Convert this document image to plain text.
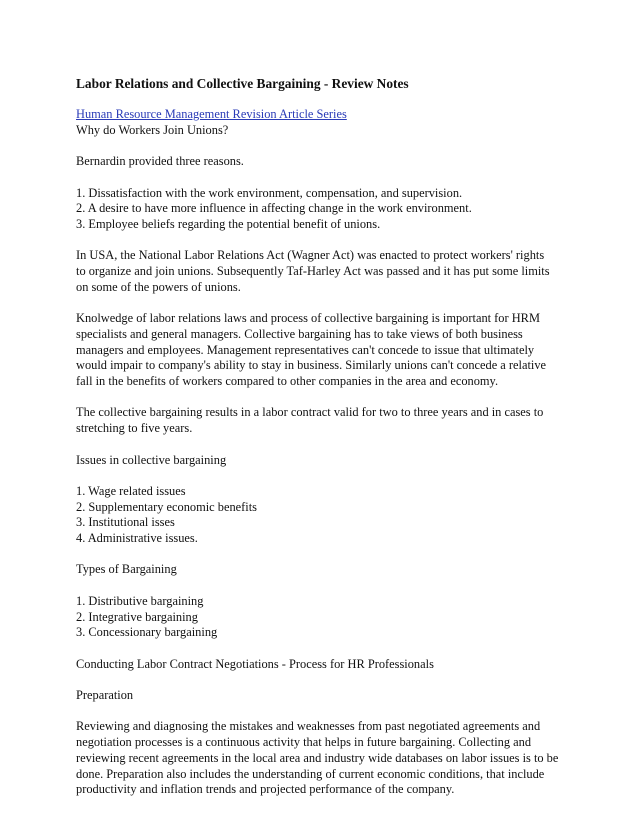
Labor Relations and Collective Bargaining - Review Notes

Human Resource Management Revision Article Series
Why do Workers Join Unions?

Bernardin provided three reasons.

1. Dissatisfaction with the work environment, compensation, and supervision.
2. A desire to have more influence in affecting change in the work environment.
3. Employee beliefs regarding the potential benefit of unions.

In USA, the National Labor Relations Act (Wagner Act) was enacted to protect workers' rights
to organize and join unions. Subsequently Taf-Harley Act was passed and it has put some limits
on some of the powers of unions.

Knolwedge of labor relations laws and process of collective bargaining is important for HRM
specialists and general managers. Collective bargaining has to take views of both business
managers and employees. Management representatives can't concede to issue that ultimately
would impair to company's ability to stay in business. Similarly unions can't concede a relative
fall in the benefits of workers compared to other companies in the area and economy.

The collective bargaining results in a labor contract valid for two to three years and in cases to
stretching to five years.

Issues in collective bargaining

1. Wage related issues
2. Supplementary economic benefits
3. Institutional isses
4. Administrative issues.

Types of Bargaining

1. Distributive bargaining
2. Integrative bargaining
3. Concessionary bargaining

Conducting Labor Contract Negotiations - Process for HR Professionals

Preparation

Reviewing and diagnosing the mistakes and weaknesses from past negotiated agreements and
negotiation processes is a continuous activity that helps in future bargaining. Collecting and
reviewing recent agreements in the local area and industry wide databases on labor issues is to be
done. Preparation also includes the understanding of current economic conditions, that include
productivity and inflation trends and projected performance of the company.
